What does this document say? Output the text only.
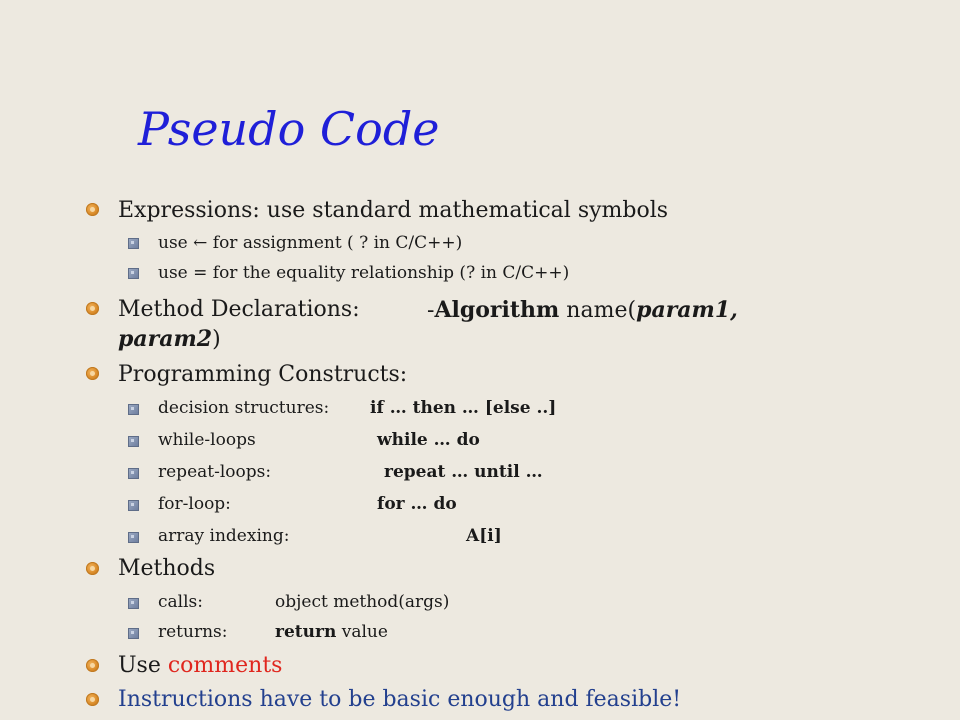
Pseudo Code
Expressions: use standard mathematical symbols
use ← for assignment ( ? in C/C++)
use = for the equality relationship (? in C/C++)
Method Declarations:	-Algorithm name(param1,
param2)
Programming Constructs:
decision structures: if … then … [else ..]
while-loops	while … do
repeat-loops:	repeat … until …
for-loop:	for … do
array indexing:	A[i]
Methods
calls:	object method(args)
returns:	return value
Use comments
Instructions have to be basic enough and feasible!
